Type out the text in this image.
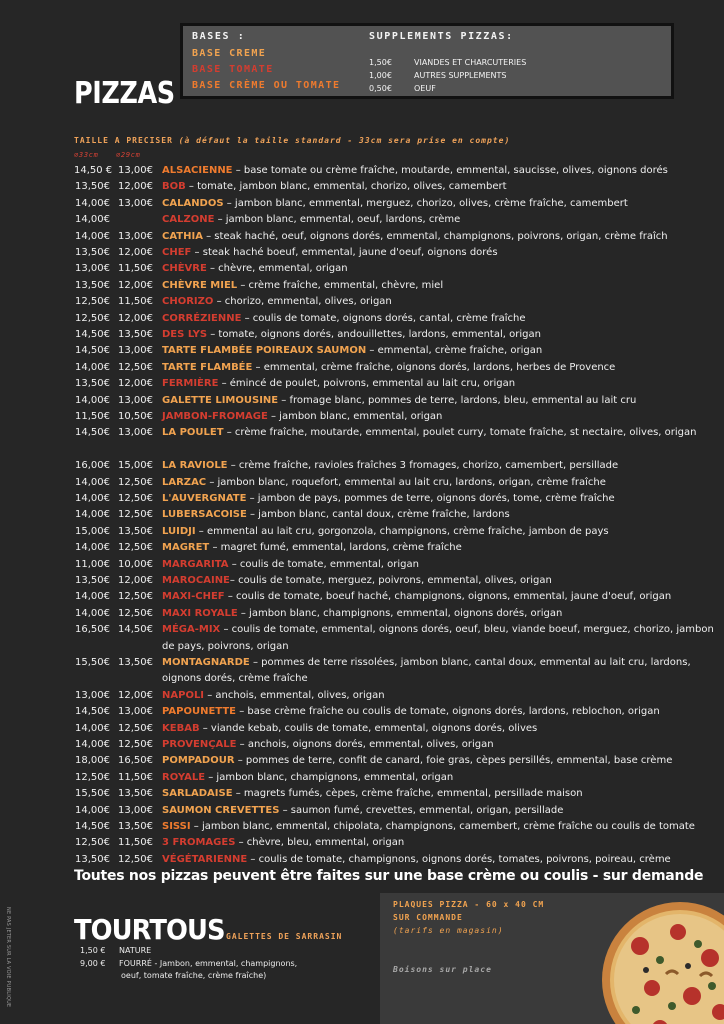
NE PAS JETER SUR LA VOIE PUBLIQUE
BASES :
BASE CREME
BASE TOMATE
BASE CRÈME OU TOMATE
SUPPLEMENTS PIZZAS:
1,50€	VIANDES ET CHARCUTERIES
1,00€	AUTRES SUPPLEMENTS
0,50€	OEUF
PIZZAS
TAILLE A PRECISER (à défaut la taille standard - 33cm sera prise en compte)
⌀33cm ⌀29cm
14,50 € 13,00€ ALSACIENNE – base tomate ou crème fraîche, moutarde, emmental, saucisse, olives, oignons dorés
13,50€ 12,00€ BOB – tomate, jambon blanc, emmental, chorizo, olives, camembert
14,00€ 13,00€ CALANDOS – jambon blanc, emmental, merguez, chorizo, olives, crème fraîche, camembert
14,00€	CALZONE – jambon blanc, emmental, oeuf, lardons, crème
14,00€ 13,00€ CATHIA – steak haché, oeuf, oignons dorés, emmental, champignons, poivrons, origan, crème fraîch
13,50€ 12,00€ CHEF – steak haché boeuf, emmental, jaune d'oeuf, oignons dorés
13,00€ 11,50€ CHÈVRE – chèvre, emmental, origan
13,50€ 12,00€ CHÈVRE MIEL – crème fraîche, emmental, chèvre, miel
12,50€ 11,50€ CHORIZO – chorizo, emmental, olives, origan
12,50€ 12,00€ CORRÉZIENNE – coulis de tomate, oignons dorés, cantal, crème fraîche
14,50€ 13,50€ DES LYS – tomate, oignons dorés, andouillettes, lardons, emmental, origan
14,50€ 13,00€ TARTE FLAMBÉE POIREAUX SAUMON – emmental, crème fraîche, origan
14,00€ 12,50€ TARTE FLAMBÉE – emmental, crème fraîche, oignons dorés, lardons, herbes de Provence
13,50€ 12,00€ FERMIÈRE – émincé de poulet, poivrons, emmental au lait cru, origan
14,00€ 13,00€ GALETTE LIMOUSINE – fromage blanc, pommes de terre, lardons, bleu, emmental au lait cru
11,50€ 10,50€ JAMBON-FROMAGE – jambon blanc, emmental, origan
14,50€ 13,00€ LA POULET – crème fraîche, moutarde, emmental, poulet curry, tomate fraîche, st nectaire, olives, origan
16,00€ 15,00€ LA RAVIOLE – crème fraîche, ravioles fraîches 3 fromages, chorizo, camembert, persillade
14,00€ 12,50€ LARZAC – jambon blanc, roquefort, emmental au lait cru, lardons, origan, crème fraîche
14,00€ 12,50€ L'AUVERGNATE – jambon de pays, pommes de terre, oignons dorés, tome, crème fraîche
14,00€ 12,50€ LUBERSACOISE – jambon blanc, cantal doux, crème fraîche, lardons
15,00€ 13,50€ LUIDJI – emmental au lait cru, gorgonzola, champignons, crème fraîche, jambon de pays
14,00€ 12,50€ MAGRET – magret fumé, emmental, lardons, crème fraîche
11,00€ 10,00€ MARGARITA – coulis de tomate, emmental, origan
13,50€ 12,00€ MAROCAINE– coulis de tomate, merguez, poivrons, emmental, olives, origan
14,00€ 12,50€ MAXI-CHEF – coulis de tomate, boeuf haché, champignons, oignons, emmental, jaune d'oeuf, origan
14,00€ 12,50€ MAXI ROYALE – jambon blanc, champignons, emmental, oignons dorés, origan
16,50€ 14,50€ MÉGA-MIX – coulis de tomate, emmental, oignons dorés, oeuf, bleu, viande boeuf, merguez, chorizo, jambon de pays, poivrons, origan
15,50€ 13,50€ MONTAGNARDE – pommes de terre rissolées, jambon blanc, cantal doux, emmental au lait cru, lardons, oignons dorés, crème fraîche
13,00€ 12,00€ NAPOLI – anchois, emmental, olives, origan
14,50€ 13,00€ PAPOUNETTE – base crème fraîche ou coulis de tomate, oignons dorés, lardons, reblochon, origan
14,00€ 12,50€ KEBAB – viande kebab, coulis de tomate, emmental, oignons dorés, olives
14,00€ 12,50€ PROVENÇALE – anchois, oignons dorés, emmental, olives, origan
18,00€ 16,50€ POMPADOUR – pommes de terre, confit de canard, foie gras, cèpes persillés, emmental, base crème
12,50€ 11,50€ ROYALE – jambon blanc, champignons, emmental, origan
15,50€ 13,50€ SARLADAISE – magrets fumés, cèpes, crème fraîche, emmental, persillade maison
14,00€ 13,00€ SAUMON CREVETTES – saumon fumé, crevettes, emmental, origan, persillade
14,50€ 13,50€ SISSI – jambon blanc, emmental, chipolata, champignons, camembert, crème fraîche ou coulis de tomate
12,50€ 11,50€ 3 FROMAGES – chèvre, bleu, emmental, origan
13,50€ 12,50€ VÉGÉTARIENNE – coulis de tomate, champignons, oignons dorés, tomates, poivrons, poireau, crème
Toutes nos pizzas peuvent être faites sur une base crème ou coulis - sur demande
TOURTOUS GALETTES DE SARRASIN
1,50 € NATURE
9,00 € FOURRÉ - Jambon, emmental, champignons,
oeuf, tomate fraîche, crème fraîche)
PLAQUES PIZZA - 60 x 40 CM
SUR COMMANDE
(tarifs en magasin)
Boisons sur place
